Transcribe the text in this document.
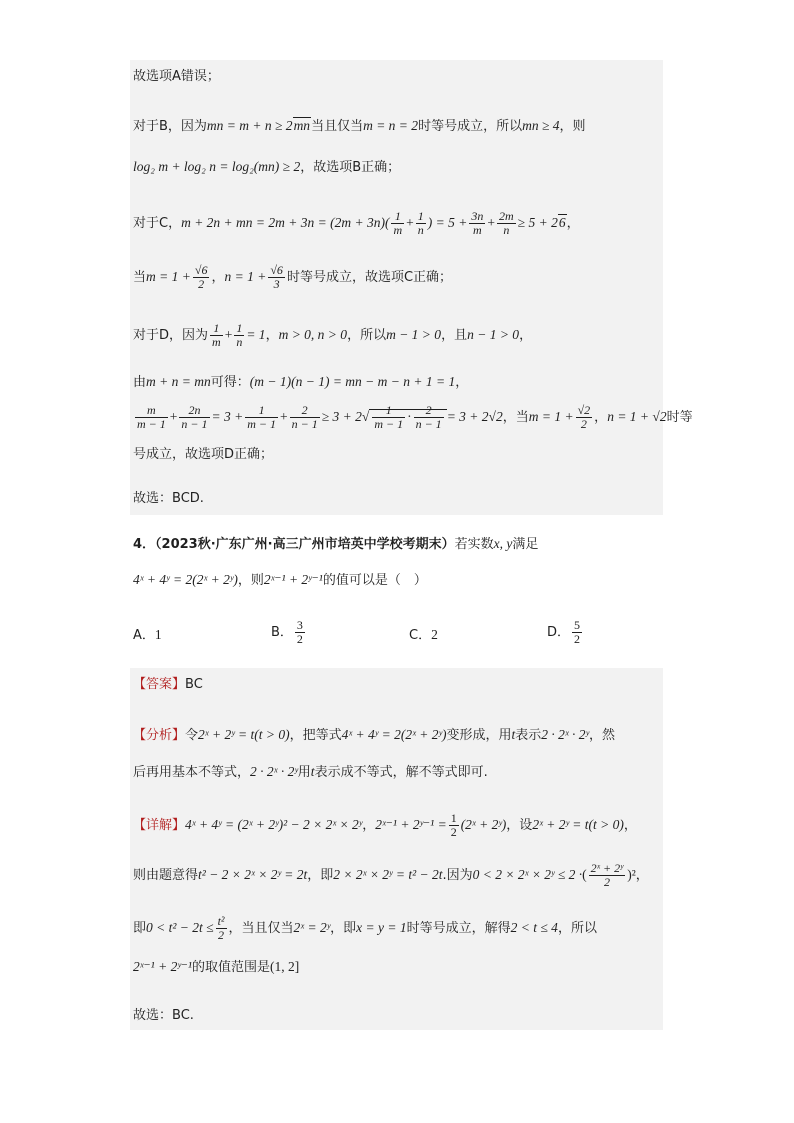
故选项A错误；
对于B，因为mn = m + n ≥ 2mn当且仅当m = n = 2时等号成立，所以mn ≥ 4，则
log₂ m + log₂ n = log₂(mn) ≥ 2，故选项B正确；
对于C，m + 2n + mn = $2m + 3n = (2m + 3n)( \frac{1}{m} + \frac{1}{n}$ ) = $5 + \frac{3n}{m} + \frac{2m}{n} \ge 5 + 26$，
当$m = 1 + \frac{√6}{2}$ ，$n = 1 + \frac{√6}{3}$ 时等号成立，故选项C正确；
对于D，因为 $\frac{1}{m} + \frac{1}{n} = 1$，m > 0, n > 0，所以m − 1 > 0，且n − 1 > 0，
由m + n = mn可得：(m − 1)(n − 1) = mn − m − n + 1 = 1，
$\frac{m}{m - 1} + \frac{2n}{n - 1} = 3 + \frac{1}{m - 1} + \frac{2}{n - 1} \ge 3 + 2√ \frac{1}{m - 1} \cdot \frac{2}{n - 1} = 3 + 2√2$，当$m = 1 + \frac{√2}{2}$ ，n = 1 + √2时等
号成立，故选项D正确；
故选：BCD.
4．（2023秋·广东广州·高三广州市培英中学校考期末）若实数x, y满足
4ˣ + 4ʸ = 2(2ˣ + 2ʸ)，则2ˣ⁻¹ + 2ʸ⁻¹的值可以是（　）
A．1	B． $\frac{3}{2}$	C．2	D． $\frac{5}{2}$
【答案】BC
【分析】令2ˣ + 2ʸ = t(t > 0)，把等式4ˣ + 4ʸ = 2(2ˣ + 2ʸ)变形成，用t表示2 · 2ˣ · 2ʸ，然
后再用基本不等式，2 · 2ˣ · 2ʸ用t表示成不等式，解不等式即可.
【详解】4ˣ + 4ʸ = (2ˣ + 2ʸ)² − 2 × 2ˣ × 2ʸ，2ˣ⁻¹ + 2ʸ⁻¹ = $\frac{1}{2}$ (2ˣ + 2ʸ)，设2ˣ + 2ʸ = t(t > 0)，
则由题意得t² − 2 × 2ˣ × 2ʸ = 2t，即2 × 2ˣ × 2ʸ = t² − 2t.因为0 < 2 × 2ˣ × 2ʸ ≤ 2 ·( $\frac{\text{2ˣ + 2ʸ}}{2} )^2$，
即$0 < t^2 - 2t \le \frac{\text{t²}}{2}$ ，当且仅当2ˣ = 2ʸ，即x = y = 1时等号成立，解得2 < t ≤ 4，所以
2ˣ⁻¹ + 2ʸ⁻¹的取值范围是(1, 2]
故选：BC.
